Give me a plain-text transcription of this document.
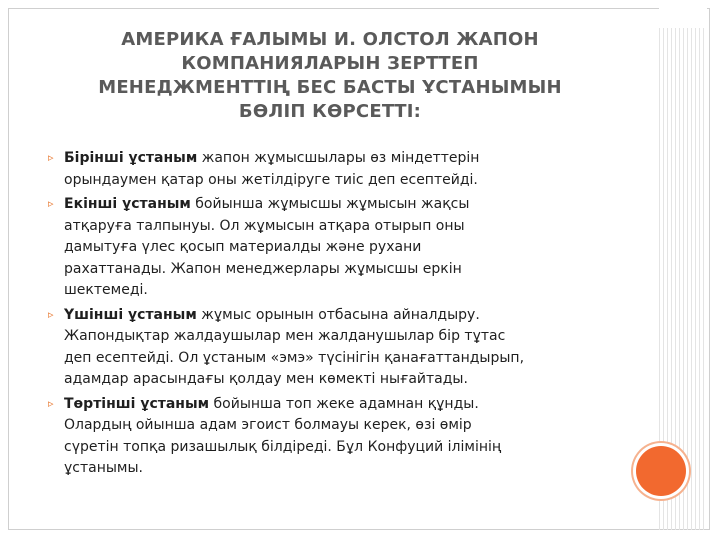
АМЕРИКА ҒАЛЫМЫ И. ОЛСТОЛ ЖАПОН
КОМПАНИЯЛАРЫН ЗЕРТТЕП
МЕНЕДЖМЕНТТІҢ БЕС БАСТЫ ҰСТАНЫМЫН
БӨЛІП КӨРСЕТТІ:
▹ Бірінші ұстаным жапон жұмысшылары өз міндеттерін
орындаумен қатар оны жетілдіруге тиіс деп есептейді.
▹ Екінші ұстаным бойынша жұмысшы жұмысын жақсы
атқаруға талпынуы. Ол жұмысын атқара отырып оны
дамытуға үлес қосып материалды және рухани
рахаттанады. Жапон менеджерлары жұмысшы еркін
шектемеді.
▹ Үшінші ұстаным жұмыс орынын отбасына айналдыру.
Жапондықтар жалдаушылар мен жалданушылар бір тұтас
деп есептейді. Ол ұстаным «эмэ» түсінігін қанағаттандырып,
адамдар арасындағы қолдау мен көмекті нығайтады.
▹ Төртінші ұстаным бойынша топ жеке адамнан құнды.
Олардың ойынша адам эгоист болмауы керек, өзі өмір
сүретін топқа ризашылық білдіреді. Бұл Конфуций ілімінің
ұстанымы.
